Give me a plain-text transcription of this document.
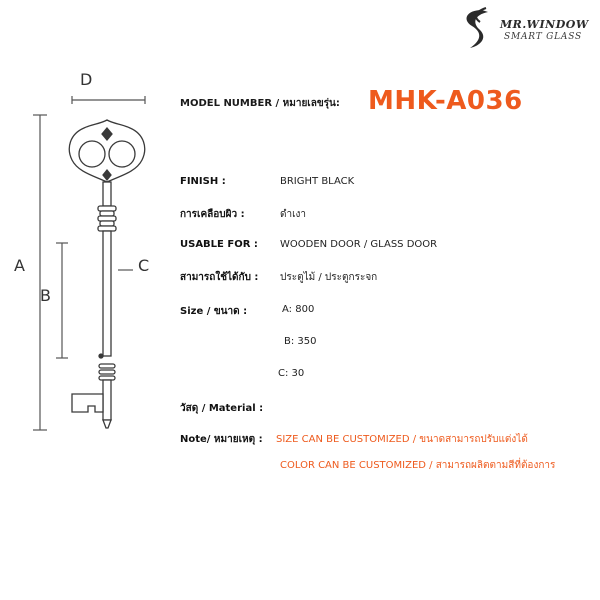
MR.WINDOW
SMART GLASS
D
A
B
C
MODEL NUMBER / หมายเลขรุ่น: MHK-A036
FINISH :	BRIGHT BLACK
การเคลือบผิว :	ดำเงา
USABLE FOR : WOODEN DOOR / GLASS DOOR
สามารถใช้ได้กับ : ประตูไม้ / ประตูกระจก
Size / ขนาด :	A: 800
B: 350
C: 30
วัสดุ / Material :
Note/ หมายเหตุ : SIZE CAN BE CUSTOMIZED / ขนาดสามารถปรับแต่งได้
COLOR CAN BE CUSTOMIZED / สามารถผลิตตามสีที่ต้องการ
